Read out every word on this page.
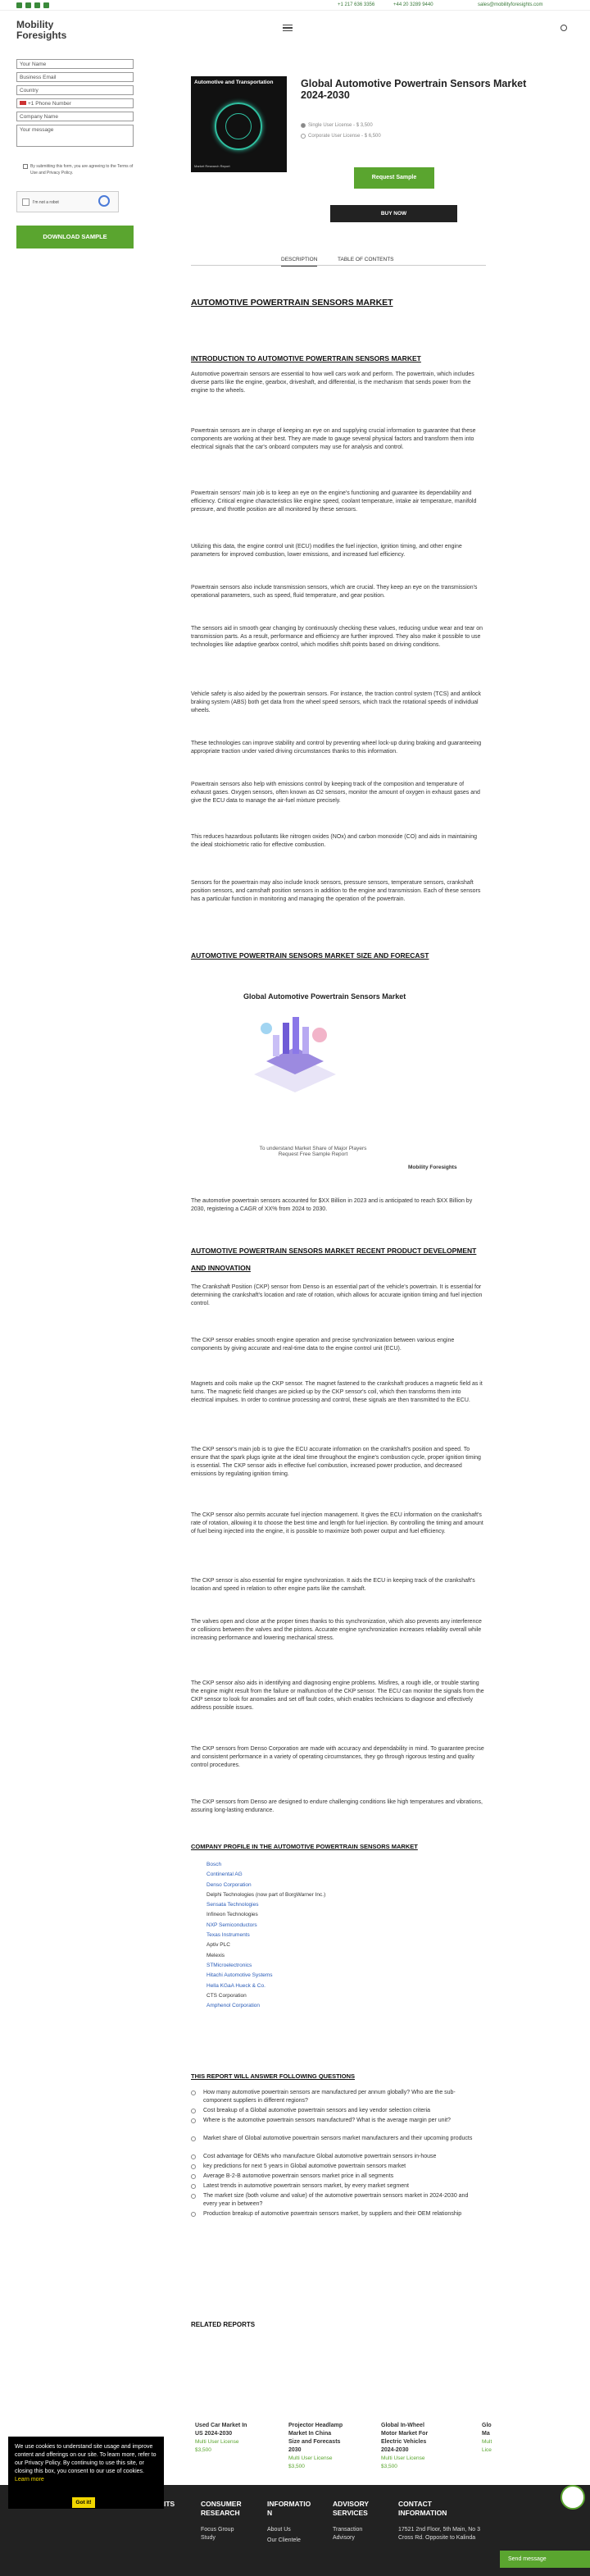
+1 217 636 3356	+44 20 3289 9440	sales@mobilityforesights.com
Mobility
Foresights
Your Name
Business Email
Country
+1 Phone Number
Company Name
Your message
By submitting this form, you are agreeing to the Terms of Use and Privacy Policy.
I'm not a robot
DOWNLOAD SAMPLE
Automotive and Transportation
Market Research Report
Global Automotive Powertrain Sensors Market 2024-2030
Single User License - $ 3,500
Corporate User License - $ 6,500
Request Sample
BUY NOW
DESCRIPTION	TABLE OF CONTENTS
AUTOMOTIVE POWERTRAIN SENSORS MARKET
INTRODUCTION TO AUTOMOTIVE POWERTRAIN SENSORS MARKET
Automotive powertrain sensors are essential to how well cars work and perform. The powertrain, which includes diverse parts like the engine, gearbox, driveshaft, and differential, is the mechanism that sends power from the engine to the wheels.
Powertrain sensors are in charge of keeping an eye on and supplying crucial information to guarantee that these components are working at their best. They are made to gauge several physical factors and transform them into electrical signals that the car's onboard computers may use for analysis and control.
Powertrain sensors' main job is to keep an eye on the engine's functioning and guarantee its dependability and efficiency. Critical engine characteristics like engine speed, coolant temperature, intake air temperature, manifold pressure, and throttle position are all monitored by these sensors.
Utilizing this data, the engine control unit (ECU) modifies the fuel injection, ignition timing, and other engine parameters for improved combustion, lower emissions, and increased fuel efficiency.
Powertrain sensors also include transmission sensors, which are crucial. They keep an eye on the transmission's operational parameters, such as speed, fluid temperature, and gear position.
The sensors aid in smooth gear changing by continuously checking these values, reducing undue wear and tear on transmission parts. As a result, performance and efficiency are further improved. They also make it possible to use technologies like adaptive gearbox control, which modifies shift points based on driving conditions.
Vehicle safety is also aided by the powertrain sensors. For instance, the traction control system (TCS) and antilock braking system (ABS) both get data from the wheel speed sensors, which track the rotational speeds of individual wheels.
These technologies can improve stability and control by preventing wheel lock-up during braking and guaranteeing appropriate traction under varied driving circumstances thanks to this information.
Powertrain sensors also help with emissions control by keeping track of the composition and temperature of exhaust gases. Oxygen sensors, often known as O2 sensors, monitor the amount of oxygen in exhaust gases and give the ECU data to manage the air-fuel mixture precisely.
This reduces hazardous pollutants like nitrogen oxides (NOx) and carbon monoxide (CO) and aids in maintaining the ideal stoichiometric ratio for effective combustion.
Sensors for the powertrain may also include knock sensors, pressure sensors, temperature sensors, crankshaft position sensors, and camshaft position sensors in addition to the engine and transmission. Each of these sensors has a particular function in monitoring and managing the operation of the powertrain.
AUTOMOTIVE POWERTRAIN SENSORS MARKET SIZE AND FORECAST
Global Automotive Powertrain Sensors Market
To understand Market Share of Major Players Request Free Sample Report
Mobility Foresights
The automotive powertrain sensors accounted for $XX Billion in 2023 and is anticipated to reach $XX Billion by 2030, registering a CAGR of XX% from 2024 to 2030.
AUTOMOTIVE POWERTRAIN SENSORS MARKET RECENT PRODUCT DEVELOPMENT AND INNOVATION
The Crankshaft Position (CKP) sensor from Denso is an essential part of the vehicle's powertrain. It is essential for determining the crankshaft's location and rate of rotation, which allows for accurate ignition timing and fuel injection control.
The CKP sensor enables smooth engine operation and precise synchronization between various engine components by giving accurate and real-time data to the engine control unit (ECU).
Magnets and coils make up the CKP sensor. The magnet fastened to the crankshaft produces a magnetic field as it turns. The magnetic field changes are picked up by the CKP sensor's coil, which then transforms them into electrical impulses. In order to continue processing and control, these signals are then transmitted to the ECU.
The CKP sensor's main job is to give the ECU accurate information on the crankshaft's position and speed. To ensure that the spark plugs ignite at the ideal time throughout the engine's combustion cycle, proper ignition timing is essential. The CKP sensor aids in effective fuel combustion, increased power production, and decreased emissions by regulating ignition timing.
The CKP sensor also permits accurate fuel injection management. It gives the ECU information on the crankshaft's rate of rotation, allowing it to choose the best time and length for fuel injection. By controlling the timing and amount of fuel being injected into the engine, it is possible to maximize both power output and fuel efficiency.
The CKP sensor is also essential for engine synchronization. It aids the ECU in keeping track of the crankshaft's location and speed in relation to other engine parts like the camshaft.
The valves open and close at the proper times thanks to this synchronization, which also prevents any interference or collisions between the valves and the pistons. Accurate engine synchronization increases reliability overall while increasing performance and lowering mechanical stress.
The CKP sensor also aids in identifying and diagnosing engine problems. Misfires, a rough idle, or trouble starting the engine might result from the failure or malfunction of the CKP sensor. The ECU can monitor the signals from the CKP sensor to look for anomalies and set off fault codes, which enables technicians to diagnose and effectively address possible issues.
The CKP sensors from Denso Corporation are made with accuracy and dependability in mind. To guarantee precise and consistent performance in a variety of operating circumstances, they go through rigorous testing and quality control procedures.
The CKP sensors from Denso are designed to endure challenging conditions like high temperatures and vibrations, assuring long-lasting endurance.
COMPANY PROFILE IN THE AUTOMOTIVE POWERTRAIN SENSORS MARKET
Bosch
Continental AG
Denso Corporation
Delphi Technologies (now part of BorgWarner Inc.)
Sensata Technologies
Infineon Technologies
NXP Semiconductors
Texas Instruments
Aptiv PLC
Melexis
STMicroelectronics
Hitachi Automotive Systems
Hella KGaA Hueck & Co.
CTS Corporation
Amphenol Corporation
THIS REPORT WILL ANSWER FOLLOWING QUESTIONS
How many automotive powertrain sensors are manufactured per annum globally? Who are the sub-component suppliers in different regions?
Cost breakup of a Global automotive powertrain sensors and key vendor selection criteria
Where is the automotive powertrain sensors manufactured? What is the average margin per unit?
Market share of Global automotive powertrain sensors market manufacturers and their upcoming products
Cost advantage for OEMs who manufacture Global automotive powertrain sensors in-house
key predictions for next 5 years in Global automotive powertrain sensors market
Average B-2-B automotive powertrain sensors market price in all segments
Latest trends in automotive powertrain sensors market, by every market segment
The market size (both volume and value) of the automotive powertrain sensors market in 2024-2030 and every year in between?
Production breakup of automotive powertrain sensors market, by suppliers and their OEM relationship
RELATED REPORTS
Used Car Market In US 2024-2030
Multi User License
$3,500
Projector Headlamp Market In China Size and Forecasts 2030
Multi User License
$3,500
Global In-Wheel Motor Market For Electric Vehicles 2024-2030
Multi User License
$3,500
Glo Ma
Mult Lice
ITS	CONSUMER RESEARCH
Focus Group Study
INFORMATIO N
About Us
Our Clientele
ADVISORY SERVICES
Transaction Advisory
CONTACT INFORMATION
17521 2nd Floor, 5th Main, No 3 Cross Rd. Opposite to Kalinda
We use cookies to understand site usage and improve content and offerings on our site. To learn more, refer to our Privacy Policy. By continuing to use this site, or closing this box, you consent to our use of cookies. Learn more
Got it!
Send message
